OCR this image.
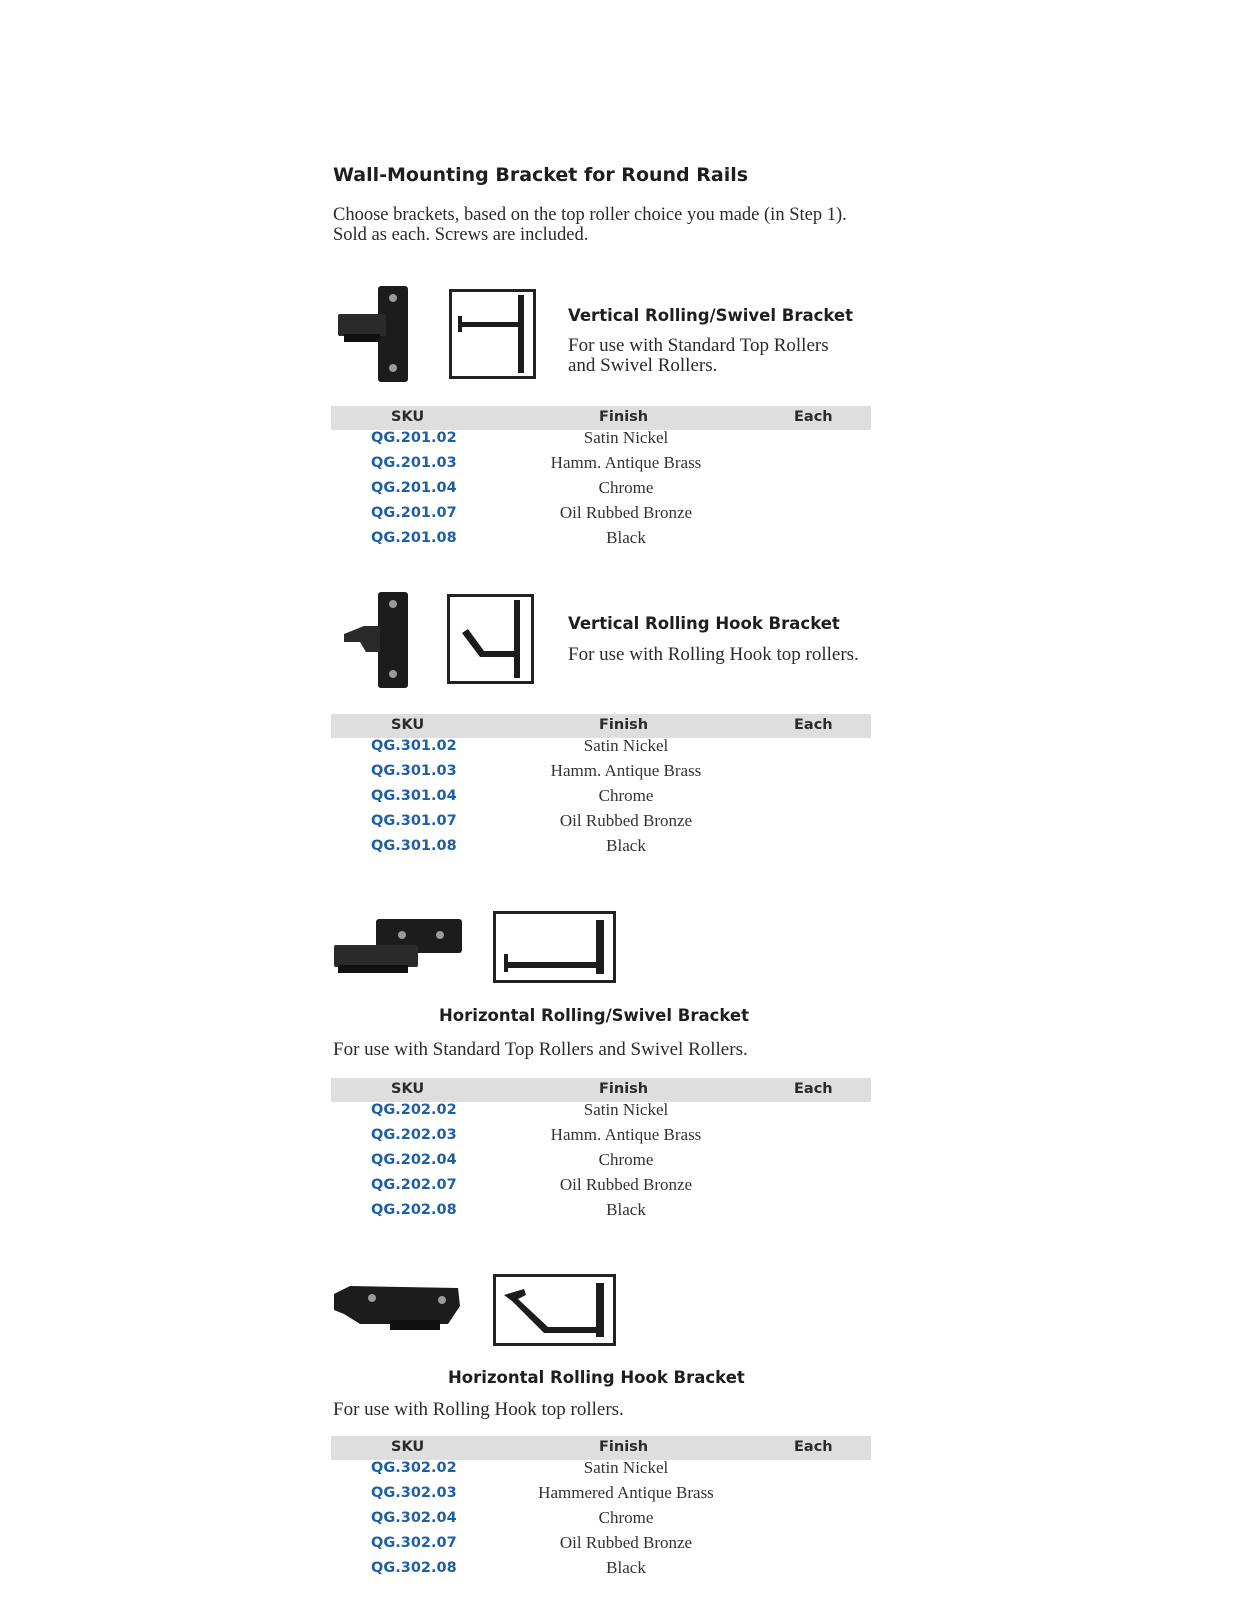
Wall-Mounting Bracket for Round Rails
Choose brackets, based on the top roller choice you made (in Step 1). Sold as each. Screws are included.
Vertical Rolling/Swivel Bracket
For use with Standard Top Rollers and Swivel Rollers.
SKU	Finish	Each
QG.201.02	Satin Nickel
QG.201.03	Hamm. Antique Brass
QG.201.04	Chrome
QG.201.07	Oil Rubbed Bronze
QG.201.08	Black
Vertical Rolling Hook Bracket
For use with Rolling Hook top rollers.
SKU	Finish	Each
QG.301.02	Satin Nickel
QG.301.03	Hamm. Antique Brass
QG.301.04	Chrome
QG.301.07	Oil Rubbed Bronze
QG.301.08	Black
Horizontal Rolling/Swivel Bracket
For use with Standard Top Rollers and Swivel Rollers.
SKU	Finish	Each
QG.202.02	Satin Nickel
QG.202.03	Hamm. Antique Brass
QG.202.04	Chrome
QG.202.07	Oil Rubbed Bronze
QG.202.08	Black
Horizontal Rolling Hook Bracket
For use with Rolling Hook top rollers.
SKU	Finish	Each
QG.302.02	Satin Nickel
QG.302.03	Hammered Antique Brass
QG.302.04	Chrome
QG.302.07	Oil Rubbed Bronze
QG.302.08	Black
